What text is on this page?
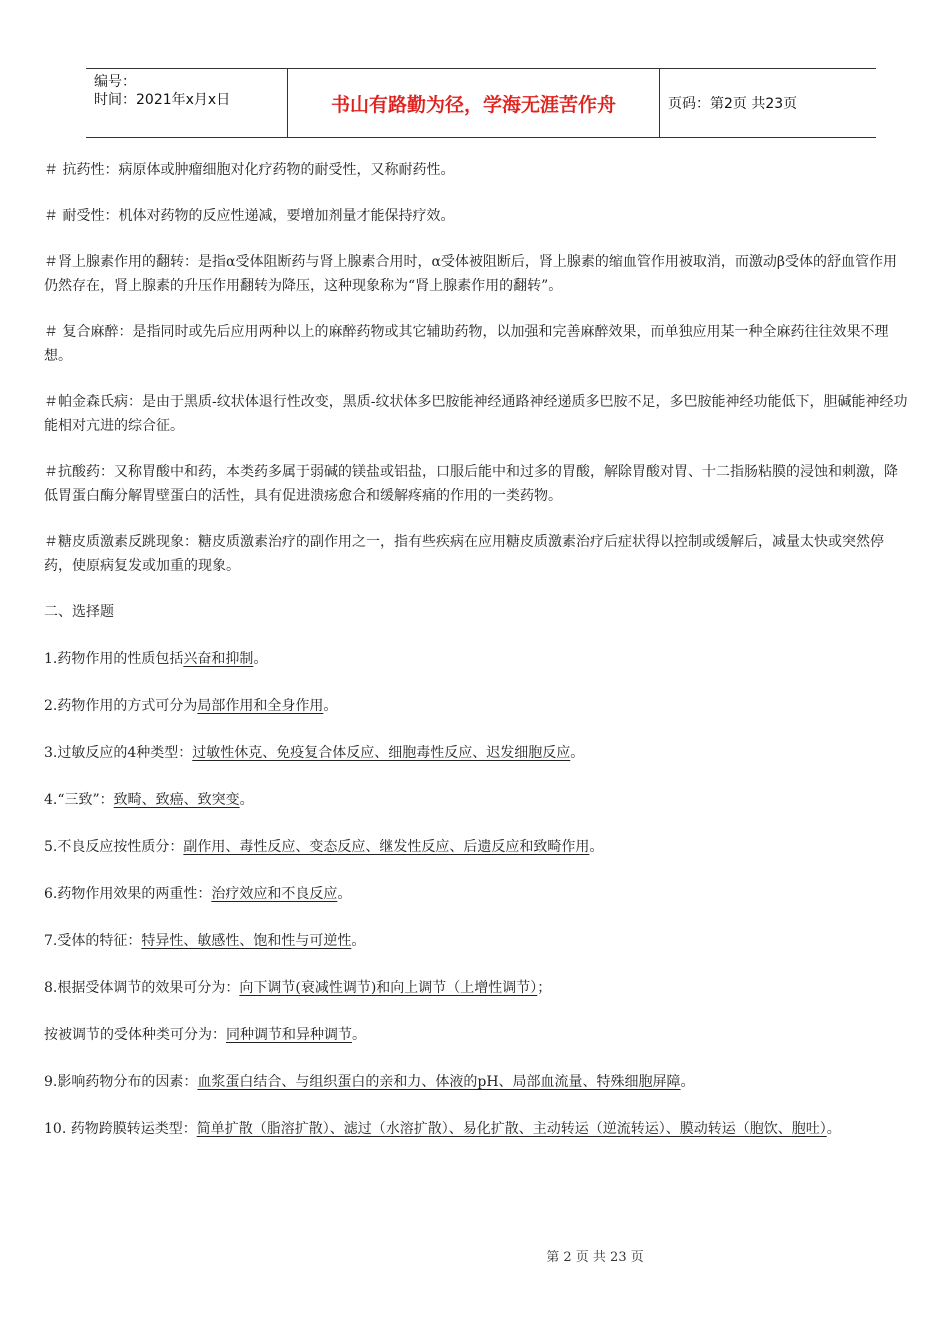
编号：
时间：2021年x月x日	书山有路勤为径，学海无涯苦作舟	页码：第2页 共23页

＃ 抗药性：病原体或肿瘤细胞对化疗药物的耐受性，又称耐药性。

＃ 耐受性：机体对药物的反应性递减，要增加剂量才能保持疗效。

＃肾上腺素作用的翻转：是指α受体阻断药与肾上腺素合用时，α受体被阻断后，肾上腺素的缩血管作用被取消，而激动β受体的舒血管作用仍然存在，肾上腺素的升压作用翻转为降压，这种现象称为“肾上腺素作用的翻转”。

＃ 复合麻醉：是指同时或先后应用两种以上的麻醉药物或其它辅助药物，以加强和完善麻醉效果，而单独应用某一种全麻药往往效果不理想。

＃帕金森氏病：是由于黑质-纹状体退行性改变，黑质-纹状体多巴胺能神经通路神经递质多巴胺不足，多巴胺能神经功能低下，胆碱能神经功能相对亢进的综合征。

＃抗酸药：又称胃酸中和药，本类药多属于弱碱的镁盐或铝盐，口服后能中和过多的胃酸，解除胃酸对胃、十二指肠粘膜的浸蚀和刺激，降低胃蛋白酶分解胃壁蛋白的活性，具有促进溃疡愈合和缓解疼痛的作用的一类药物。

＃糖皮质激素反跳现象：糖皮质激素治疗的副作用之一，指有些疾病在应用糖皮质激素治疗后症状得以控制或缓解后，减量太快或突然停药，使原病复发或加重的现象。

二、选择题

1.药物作用的性质包括兴奋和抑制。

2.药物作用的方式可分为局部作用和全身作用。

3.过敏反应的4种类型：过敏性休克、免疫复合体反应、细胞毒性反应、迟发细胞反应。

4.“三致”：致畸、致癌、致突变。

5.不良反应按性质分：副作用、毒性反应、变态反应、继发性反应、后遗反应和致畸作用。

6.药物作用效果的两重性：治疗效应和不良反应。

7.受体的特征：特异性、敏感性、饱和性与可逆性。

8.根据受体调节的效果可分为：向下调节(衰减性调节)和向上调节（上增性调节）；

按被调节的受体种类可分为：同种调节和异种调节。

9.影响药物分布的因素：血浆蛋白结合、与组织蛋白的亲和力、体液的pH、局部血流量、特殊细胞屏障。

10. 药物跨膜转运类型：简单扩散（脂溶扩散）、滤过（水溶扩散）、易化扩散、主动转运（逆流转运）、膜动转运（胞饮、胞吐）。

第 2 页 共 23 页
